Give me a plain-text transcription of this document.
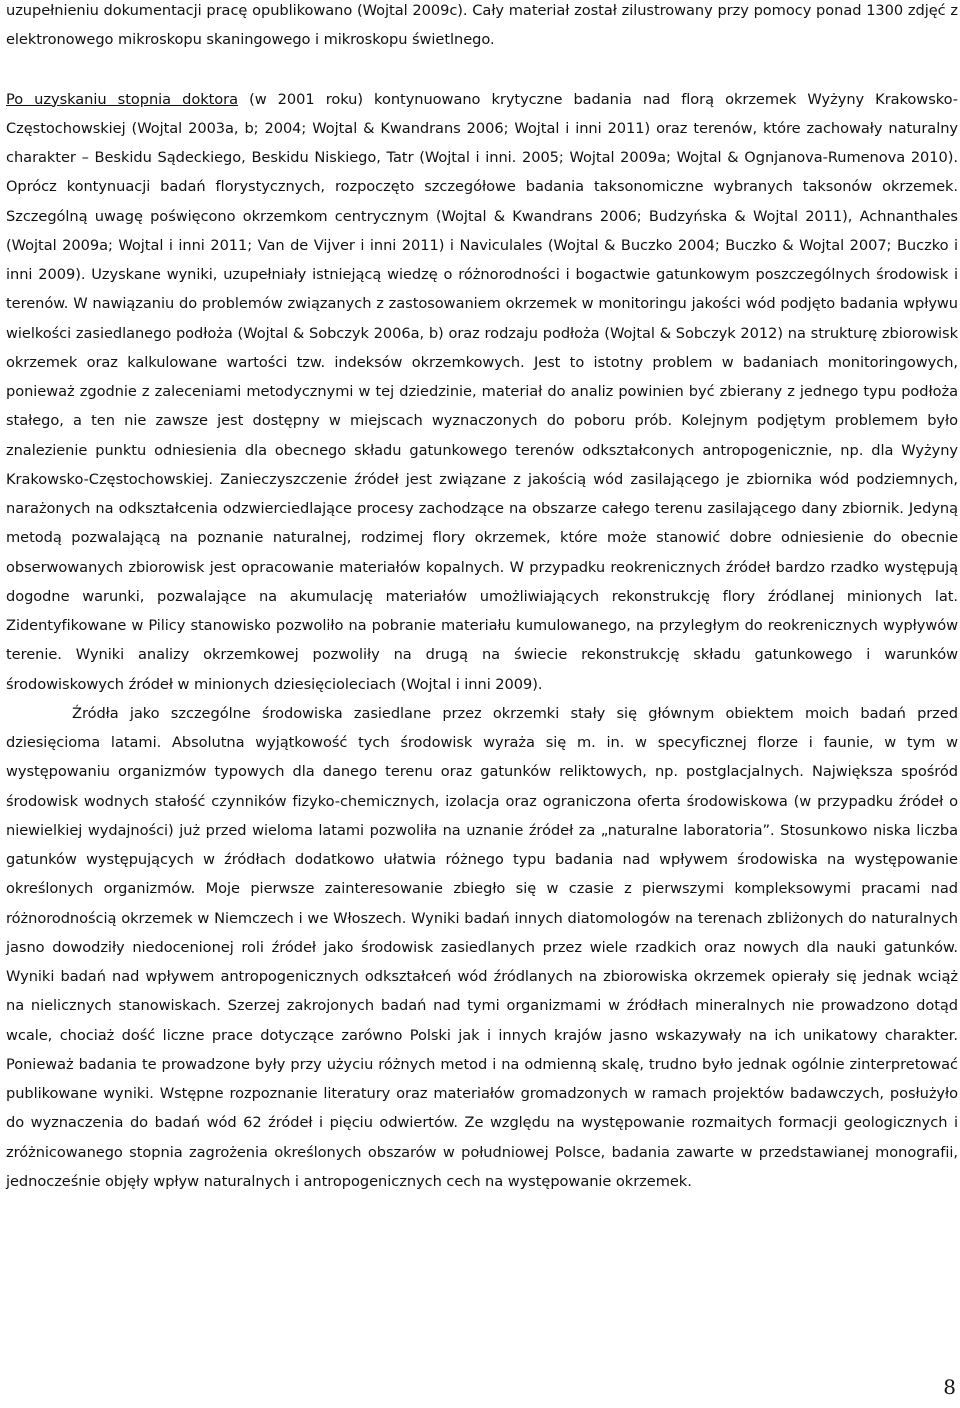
uzupełnieniu dokumentacji pracę opublikowano (Wojtal 2009c). Cały materiał został zilustrowany przy pomocy ponad 1300 zdjęć z elektronowego mikroskopu skaningowego i mikroskopu świetlnego.

Po uzyskaniu stopnia doktora (w 2001 roku) kontynuowano krytyczne badania nad florą okrzemek Wyżyny Krakowsko-Częstochowskiej (Wojtal 2003a, b; 2004; Wojtal & Kwandrans 2006; Wojtal i inni 2011) oraz terenów, które zachowały naturalny charakter – Beskidu Sądeckiego, Beskidu Niskiego, Tatr (Wojtal i inni. 2005; Wojtal 2009a; Wojtal & Ognjanova-Rumenova 2010). Oprócz kontynuacji badań florystycznych, rozpoczęto szczegółowe badania taksonomiczne wybranych taksonów okrzemek. Szczególną uwagę poświęcono okrzemkom centrycznym (Wojtal & Kwandrans 2006; Budzyńska & Wojtal 2011), Achnanthales (Wojtal 2009a; Wojtal i inni 2011; Van de Vijver i inni 2011) i Naviculales (Wojtal & Buczko 2004; Buczko & Wojtal 2007; Buczko i inni 2009). Uzyskane wyniki, uzupełniały istniejącą wiedzę o różnorodności i bogactwie gatunkowym poszczególnych środowisk i terenów. W nawiązaniu do problemów związanych z zastosowaniem okrzemek w monitoringu jakości wód podjęto badania wpływu wielkości zasiedlanego podłoża (Wojtal & Sobczyk 2006a, b) oraz rodzaju podłoża (Wojtal & Sobczyk 2012) na strukturę zbiorowisk okrzemek oraz kalkulowane wartości tzw. indeksów okrzemkowych. Jest to istotny problem w badaniach monitoringowych, ponieważ zgodnie z zaleceniami metodycznymi w tej dziedzinie, materiał do analiz powinien być zbierany z jednego typu podłoża stałego, a ten nie zawsze jest dostępny w miejscach wyznaczonych do poboru prób. Kolejnym podjętym problemem było znalezienie punktu odniesienia dla obecnego składu gatunkowego terenów odkształconych antropogenicznie, np. dla Wyżyny Krakowsko-Częstochowskiej. Zanieczyszczenie źródeł jest związane z jakością wód zasilającego je zbiornika wód podziemnych, narażonych na odkształcenia odzwierciedlające procesy zachodzące na obszarze całego terenu zasilającego dany zbiornik. Jedyną metodą pozwalającą na poznanie naturalnej, rodzimej flory okrzemek, które może stanowić dobre odniesienie do obecnie obserwowanych zbiorowisk jest opracowanie materiałów kopalnych. W przypadku reokrenicznych źródeł bardzo rzadko występują dogodne warunki, pozwalające na akumulację materiałów umożliwiających rekonstrukcję flory źródlanej minionych lat. Zidentyfikowane w Pilicy stanowisko pozwoliło na pobranie materiału kumulowanego, na przyległym do reokrenicznych wypływów terenie. Wyniki analizy okrzemkowej pozwoliły na drugą na świecie rekonstrukcję składu gatunkowego i warunków środowiskowych źródeł w minionych dziesięcioleciach (Wojtal i inni 2009).

Źródła jako szczególne środowiska zasiedlane przez okrzemki stały się głównym obiektem moich badań przed dziesięcioma latami. Absolutna wyjątkowość tych środowisk wyraża się m. in. w specyficznej florze i faunie, w tym w występowaniu organizmów typowych dla danego terenu oraz gatunków reliktowych, np. postglacjalnych. Największa spośród środowisk wodnych stałość czynników fizyko-chemicznych, izolacja oraz ograniczona oferta środowiskowa (w przypadku źródeł o niewielkiej wydajności) już przed wieloma latami pozwoliła na uznanie źródeł za „naturalne laboratoria”. Stosunkowo niska liczba gatunków występujących w źródłach dodatkowo ułatwia różnego typu badania nad wpływem środowiska na występowanie określonych organizmów. Moje pierwsze zainteresowanie zbiegło się w czasie z pierwszymi kompleksowymi pracami nad różnorodnością okrzemek w Niemczech i we Włoszech. Wyniki badań innych diatomologów na terenach zbliżonych do naturalnych jasno dowodziły niedocenionej roli źródeł jako środowisk zasiedlanych przez wiele rzadkich oraz nowych dla nauki gatunków. Wyniki badań nad wpływem antropogenicznych odkształceń wód źródlanych na zbiorowiska okrzemek opierały się jednak wciąż na nielicznych stanowiskach. Szerzej zakrojonych badań nad tymi organizmami w źródłach mineralnych nie prowadzono dotąd wcale, chociaż dość liczne prace dotyczące zarówno Polski jak i innych krajów jasno wskazywały na ich unikatowy charakter. Ponieważ badania te prowadzone były przy użyciu różnych metod i na odmienną skalę, trudno było jednak ogólnie zinterpretować publikowane wyniki. Wstępne rozpoznanie literatury oraz materiałów gromadzonych w ramach projektów badawczych, posłużyło do wyznaczenia do badań wód 62 źródeł i pięciu odwiertów. Ze względu na występowanie rozmaitych formacji geologicznych i zróżnicowanego stopnia zagrożenia określonych obszarów w południowej Polsce, badania zawarte w przedstawianej monografii, jednocześnie objęły wpływ naturalnych i antropogenicznych cech na występowanie okrzemek.

8
